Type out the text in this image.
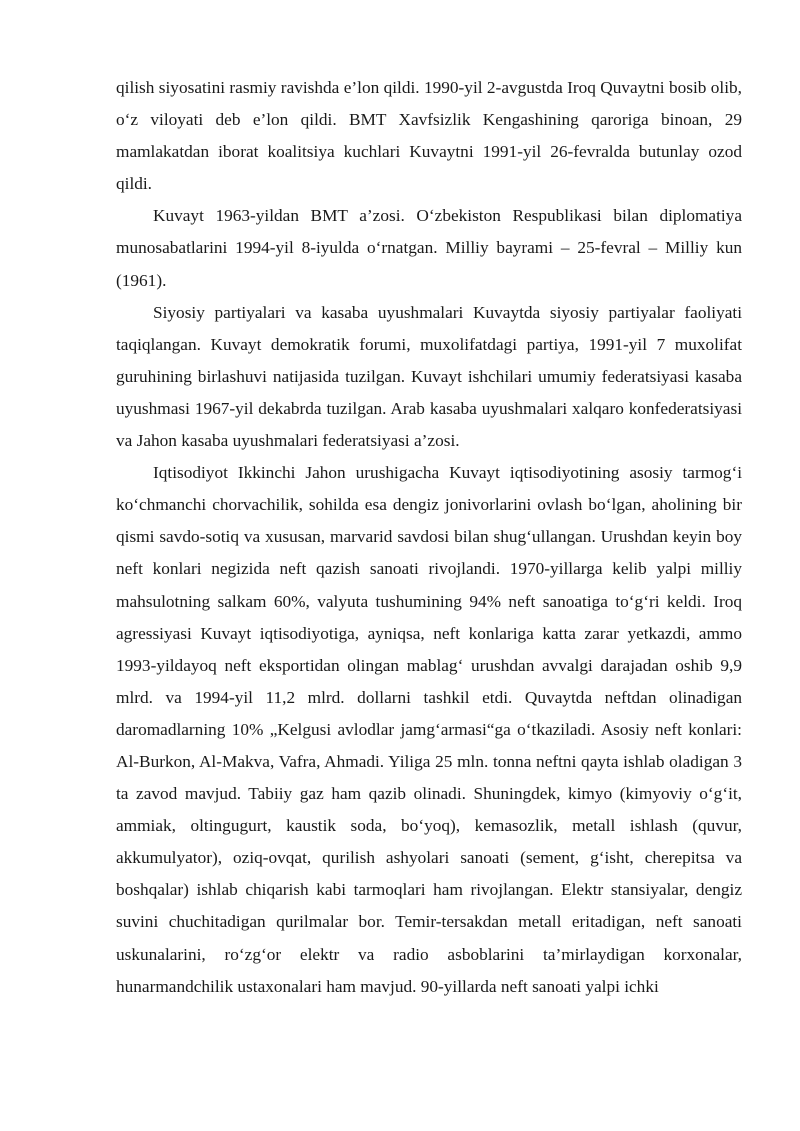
qilish siyosatini rasmiy ravishda e’lon qildi. 1990-yil 2-avgustda Iroq Quvaytni bosib olib, o‘z viloyati deb e’lon qildi. BMT Xavfsizlik Kengashining qaroriga binoan, 29 mamlakatdan iborat koalitsiya kuchlari Kuvaytni 1991-yil 26-fevralda butunlay ozod qildi.

Kuvayt 1963-yildan BMT a’zosi. O‘zbekiston Respublikasi bilan diplomatiya munosabatlarini 1994-yil 8-iyulda o‘rnatgan. Milliy bayrami – 25-fevral – Milliy kun (1961).

Siyosiy partiyalari va kasaba uyushmalari Kuvaytda siyosiy partiyalar faoliyati taqiqlangan. Kuvayt demokratik forumi, muxolifatdagi partiya, 1991-yil 7 muxolifat guruhining birlashuvi natijasida tuzilgan. Kuvayt ishchilari umumiy federatsiyasi kasaba uyushmasi 1967-yil dekabrda tuzilgan. Arab kasaba uyushmalari xalqaro konfederatsiyasi va Jahon kasaba uyushmalari federatsiyasi a’zosi.

Iqtisodiyot Ikkinchi Jahon urushigacha Kuvayt iqtisodiyotining asosiy tarmog‘i ko‘chmanchi chorvachilik, sohilda esa dengiz jonivorlarini ovlash bo‘lgan, aholining bir qismi savdo-sotiq va xususan, marvarid savdosi bilan shug‘ullangan. Urushdan keyin boy neft konlari negizida neft qazish sanoati rivojlandi. 1970-yillarga kelib yalpi milliy mahsulotning salkam 60%, valyuta tushumining 94% neft sanoatiga to‘g‘ri keldi. Iroq agressiyasi Kuvayt iqtisodiyotiga, ayniqsa, neft konlariga katta zarar yetkazdi, ammo 1993-yildayoq neft eksportidan olingan mablag‘ urushdan avvalgi darajadan oshib 9,9 mlrd. va 1994-yil 11,2 mlrd. dollarni tashkil etdi. Quvaytda neftdan olinadigan daromadlarning 10% „Kelgusi avlodlar jamg‘armasi“ga o‘tkaziladi. Asosiy neft konlari: Al-Burkon, Al-Makva, Vafra, Ahmadi. Yiliga 25 mln. tonna neftni qayta ishlab oladigan 3 ta zavod mavjud. Tabiiy gaz ham qazib olinadi. Shuningdek, kimyo (kimyoviy o‘g‘it, ammiak, oltingugurt, kaustik soda, bo‘yoq), kemasozlik, metall ishlash (quvur, akkumulyator), oziq-ovqat, qurilish ashyolari sanoati (sement, g‘isht, cherepitsa va boshqalar) ishlab chiqarish kabi tarmoqlari ham rivojlangan. Elektr stansiyalar, dengiz suvini chuchitadigan qurilmalar bor. Temir-tersakdan metall eritadigan, neft sanoati uskunalarini, ro‘zg‘or elektr va radio asboblarini ta’mirlaydigan korxonalar, hunarmandchilik ustaxonalari ham mavjud. 90-yillarda neft sanoati yalpi ichki
